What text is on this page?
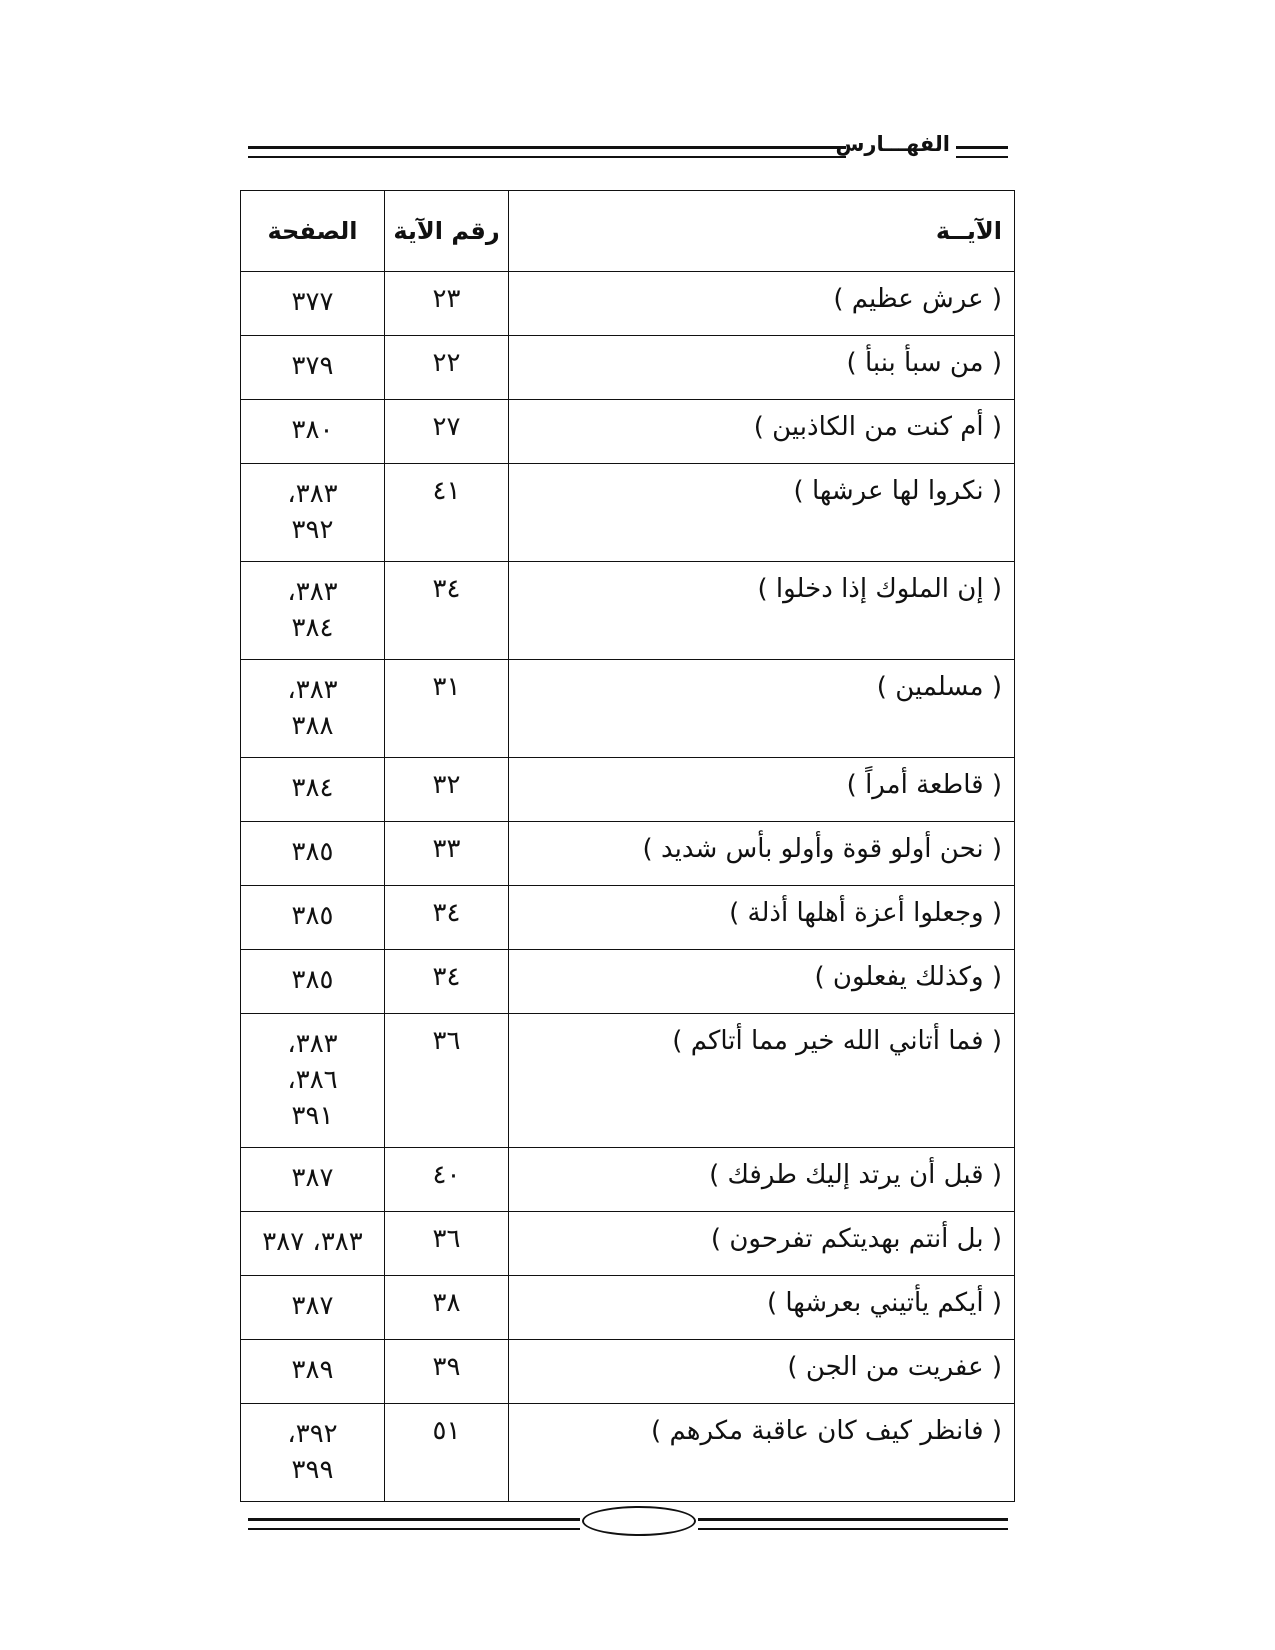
الفهـــارس
الآيــة	رقم الآية	الصفحة
( عرش عظيم )	٢٣	٣٧٧

( من سبأ بنبأ )	٢٢	٣٧٩

( أم كنت من الكاذبين )	٢٧	٣٨٠

( نكروا لها عرشها )	٤١	٣٨٣،
٣٩٢

( إن الملوك إذا دخلوا )	٣٤	٣٨٣،
٣٨٤

( مسلمين )	٣١	٣٨٣،
٣٨٨

( قاطعة أمراً )	٣٢	٣٨٤

( نحن أولو قوة وأولو بأس شديد )	٣٣	٣٨٥

( وجعلوا أعزة أهلها أذلة )	٣٤	٣٨٥

( وكذلك يفعلون )	٣٤	٣٨٥

( فما أتاني الله خير مما أتاكم )	٣٦	٣٨٣،
٣٨٦،
٣٩١

( قبل أن يرتد إليك طرفك )	٤٠	٣٨٧

( بل أنتم بهديتكم تفرحون )	٣٦	٣٨٣، ٣٨٧

( أيكم يأتيني بعرشها )	٣٨	٣٨٧

( عفريت من الجن )	٣٩	٣٨٩

( فانظر كيف كان عاقبة مكرهم )	٥١	٣٩٢،
٣٩٩
